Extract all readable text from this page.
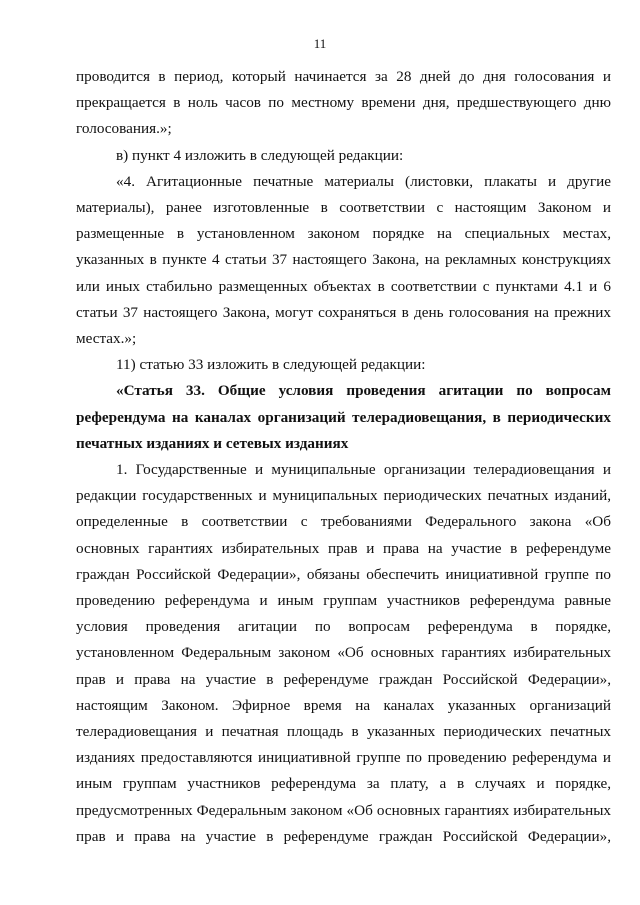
11

проводится в период, который начинается за 28 дней до дня голосования и прекращается в ноль часов по местному времени дня, предшествующего дню голосования.»;

в) пункт 4 изложить в следующей редакции:

«4. Агитационные печатные материалы (листовки, плакаты и другие материалы), ранее изготовленные в соответствии с настоящим Законом и размещенные в установленном законом порядке на специальных местах, указанных в пункте 4 статьи 37 настоящего Закона, на рекламных конструкциях или иных стабильно размещенных объектах в соответствии с пунктами 4.1 и 6 статьи 37 настоящего Закона, могут сохраняться в день голосования на прежних местах.»;

11) статью 33 изложить в следующей редакции:

«Статья 33. Общие условия проведения агитации по вопросам референдума на каналах организаций телерадиовещания, в периодических печатных изданиях и сетевых изданиях

1. Государственные и муниципальные организации телерадиовещания и редакции государственных и муниципальных периодических печатных изданий, определенные в соответствии с требованиями Федерального закона «Об основных гарантиях избирательных прав и права на участие в референдуме граждан Российской Федерации», обязаны обеспечить инициативной группе по проведению референдума и иным группам участников референдума равные условия проведения агитации по вопросам референдума в порядке, установленном Федеральным законом «Об основных гарантиях избирательных прав и права на участие в референдуме граждан Российской Федерации», настоящим Законом. Эфирное время на каналах указанных организаций телерадиовещания и печатная площадь в указанных периодических печатных изданиях предоставляются инициативной группе по проведению референдума и иным группам участников референдума за плату, а в случаях и порядке, предусмотренных Федеральным законом «Об основных гарантиях избирательных прав и права на участие в референдуме граждан Российской Федерации»,
